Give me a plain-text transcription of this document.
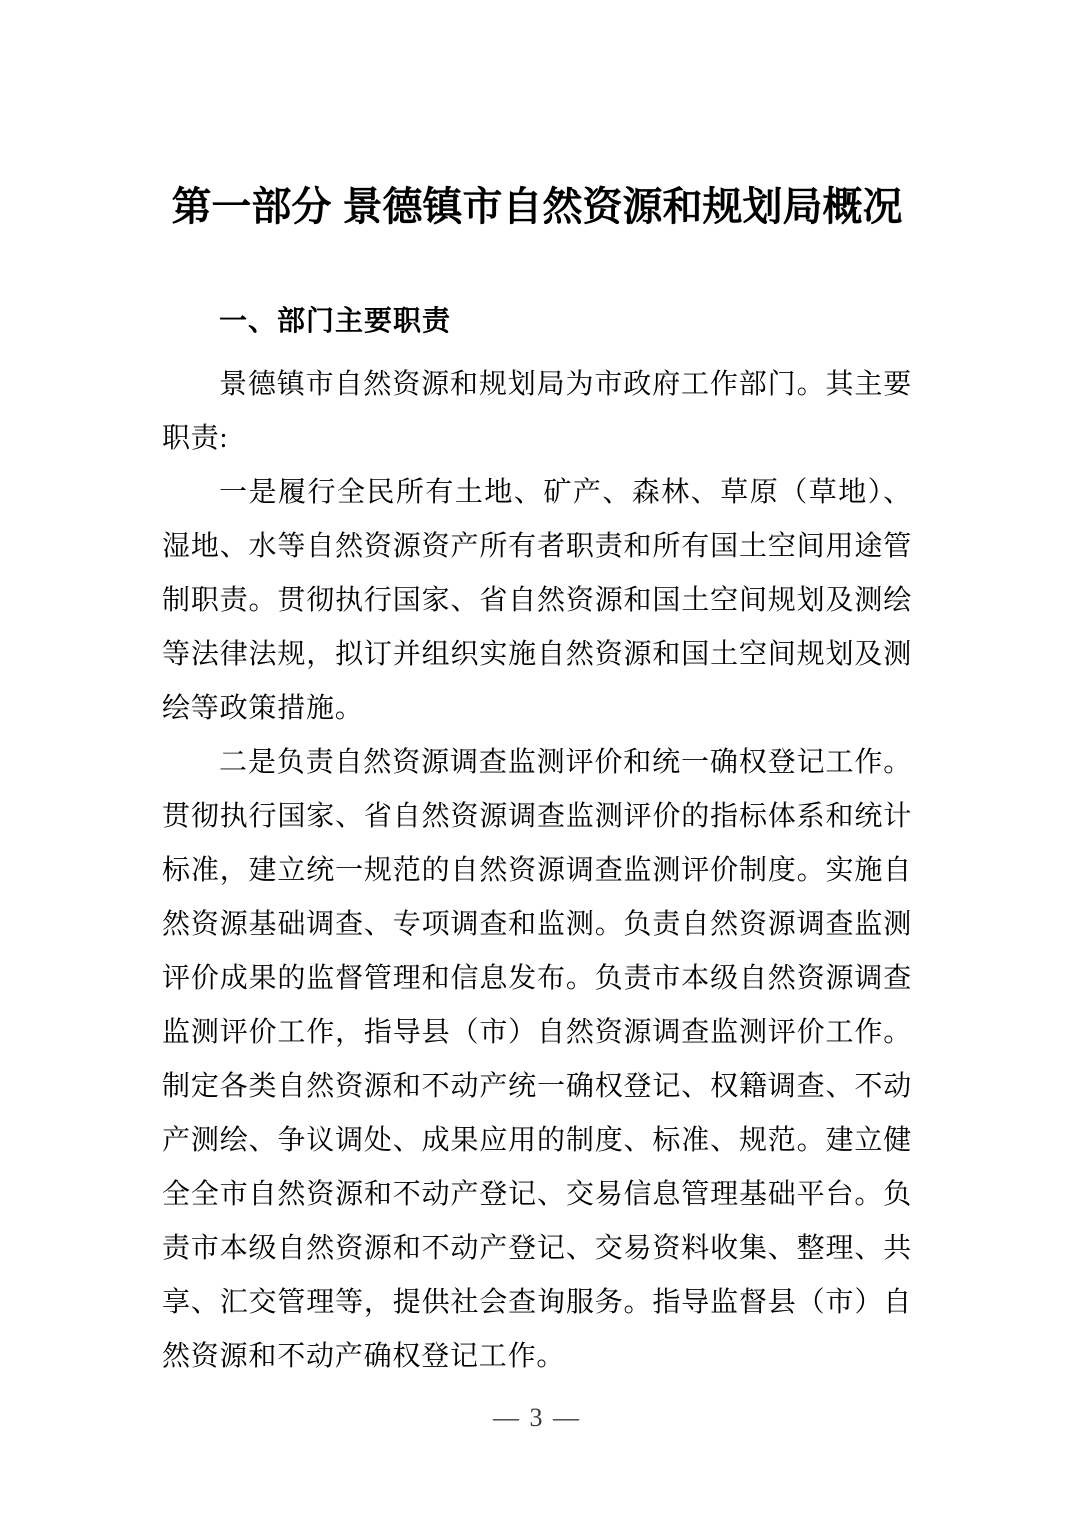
第一部分 景德镇市自然资源和规划局概况
一、部门主要职责

景德镇市自然资源和规划局为市政府工作部门。其主要职责:

一是履行全民所有土地、矿产、森林、草原（草地）、湿地、水等自然资源资产所有者职责和所有国土空间用途管制职责。贯彻执行国家、省自然资源和国土空间规划及测绘等法律法规，拟订并组织实施自然资源和国土空间规划及测绘等政策措施。

二是负责自然资源调查监测评价和统一确权登记工作。贯彻执行国家、省自然资源调查监测评价的指标体系和统计标准，建立统一规范的自然资源调查监测评价制度。实施自然资源基础调查、专项调查和监测。负责自然资源调查监测评价成果的监督管理和信息发布。负责市本级自然资源调查监测评价工作，指导县（市）自然资源调查监测评价工作。制定各类自然资源和不动产统一确权登记、权籍调查、不动产测绘、争议调处、成果应用的制度、标准、规范。建立健全全市自然资源和不动产登记、交易信息管理基础平台。负责市本级自然资源和不动产登记、交易资料收集、整理、共享、汇交管理等，提供社会查询服务。指导监督县（市）自然资源和不动产确权登记工作。

— 3 —
